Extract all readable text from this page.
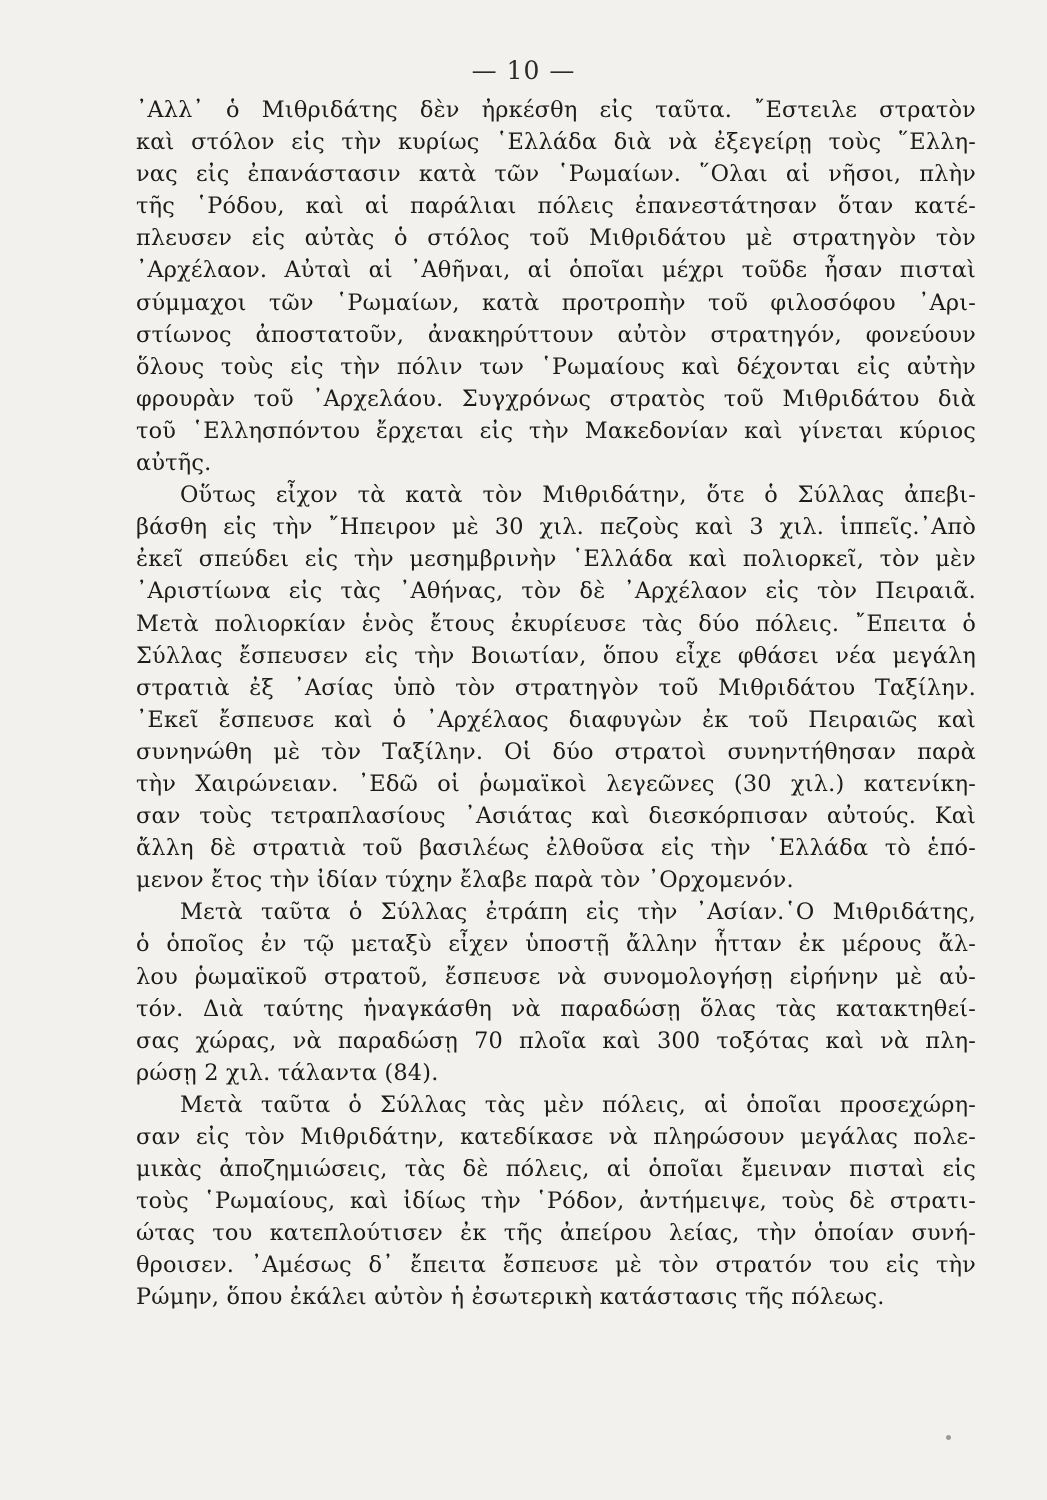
— 10 —
᾿Αλλ᾿ ὁ Μιθριδάτης δὲν ἠρκέσθη εἰς ταῦτα. ῎Εστειλε στρατὸν
καὶ στόλον εἰς τὴν κυρίως ῾Ελλάδα διὰ νὰ ἐξεγείρῃ τοὺς ῞Ελλη-
νας εἰς ἐπανάστασιν κατὰ τῶν ῾Ρωμαίων. ῞Ολαι αἱ νῆσοι, πλὴν
τῆς ῾Ρόδου, καὶ αἱ παράλιαι πόλεις ἐπανεστάτησαν ὅταν κατέ-
πλευσεν εἰς αὐτὰς ὁ στόλος τοῦ Μιθριδάτου μὲ στρατηγὸν τὸν
᾿Αρχέλαον. Αὐταὶ αἱ ᾿Αθῆναι, αἱ ὁποῖαι μέχρι τοῦδε ἦσαν πισταὶ
σύμμαχοι τῶν ῾Ρωμαίων, κατὰ προτροπὴν τοῦ φιλοσόφου ᾿Αρι-
στίωνος ἀποστατοῦν, ἀνακηρύττουν αὐτὸν στρατηγόν, φονεύουν
ὅλους τοὺς εἰς τὴν πόλιν των ῾Ρωμαίους καὶ δέχονται εἰς αὐτὴν
φρουρὰν τοῦ ᾿Αρχελάου. Συγχρόνως στρατὸς τοῦ Μιθριδάτου διὰ
τοῦ ῾Ελλησπόντου ἔρχεται εἰς τὴν Μακεδονίαν καὶ γίνεται κύριος
αὐτῆς.
Οὕτως εἶχον τὰ κατὰ τὸν Μιθριδάτην, ὅτε ὁ Σύλλας ἀπεβι-
βάσθη εἰς τὴν ῎Ηπειρον μὲ 30 χιλ. πεζοὺς καὶ 3 χιλ. ἱππεῖς.᾿Απὸ
ἐκεῖ σπεύδει εἰς τὴν μεσημβρινὴν ῾Ελλάδα καὶ πολιορκεῖ, τὸν μὲν
᾿Αριστίωνα εἰς τὰς ᾿Αθήνας, τὸν δὲ ᾿Αρχέλαον εἰς τὸν Πειραιᾶ.
Μετὰ πολιορκίαν ἑνὸς ἔτους ἐκυρίευσε τὰς δύο πόλεις. ῎Επειτα ὁ
Σύλλας ἔσπευσεν εἰς τὴν Βοιωτίαν, ὅπου εἶχε φθάσει νέα μεγάλη
στρατιὰ ἐξ ᾿Ασίας ὑπὸ τὸν στρατηγὸν τοῦ Μιθριδάτου Ταξίλην.
᾿Εκεῖ ἔσπευσε καὶ ὁ ᾿Αρχέλαος διαφυγὼν ἐκ τοῦ Πειραιῶς καὶ
συνηνώθη μὲ τὸν Ταξίλην. Οἱ δύο στρατοὶ συνηντήθησαν παρὰ
τὴν Χαιρώνειαν. ᾿Εδῶ οἱ ῥωμαϊκοὶ λεγεῶνες (30 χιλ.) κατενίκη-
σαν τοὺς τετραπλασίους ᾿Ασιάτας καὶ διεσκόρπισαν αὐτούς. Καὶ
ἄλλη δὲ στρατιὰ τοῦ βασιλέως ἐλθοῦσα εἰς τὴν ῾Ελλάδα τὸ ἑπό-
μενον ἔτος τὴν ἰδίαν τύχην ἔλαβε παρὰ τὸν ᾿Ορχομενόν.
Μετὰ ταῦτα ὁ Σύλλας ἐτράπη εἰς τὴν ᾿Ασίαν.῾Ο Μιθριδάτης,
ὁ ὁποῖος ἐν τῷ μεταξὺ εἶχεν ὑποστῇ ἄλλην ἧτταν ἐκ μέρους ἄλ-
λου ῥωμαϊκοῦ στρατοῦ, ἔσπευσε νὰ συνομολογήσῃ εἰρήνην μὲ αὐ-
τόν. Διὰ ταύτης ἠναγκάσθη νὰ παραδώσῃ ὅλας τὰς κατακτηθεί-
σας χώρας, νὰ παραδώσῃ 70 πλοῖα καὶ 300 τοξότας καὶ νὰ πλη-
ρώσῃ 2 χιλ. τάλαντα (84).
Μετὰ ταῦτα ὁ Σύλλας τὰς μὲν πόλεις, αἱ ὁποῖαι προσεχώρη-
σαν εἰς τὸν Μιθριδάτην, κατεδίκασε νὰ πληρώσουν μεγάλας πολε-
μικὰς ἀποζημιώσεις, τὰς δὲ πόλεις, αἱ ὁποῖαι ἔμειναν πισταὶ εἰς
τοὺς ῾Ρωμαίους, καὶ ἰδίως τὴν ῾Ρόδον, ἀντήμειψε, τοὺς δὲ στρατι-
ώτας του κατεπλούτισεν ἐκ τῆς ἀπείρου λείας, τὴν ὁποίαν συνή-
θροισεν. ᾿Αμέσως δ᾿ ἔπειτα ἔσπευσε μὲ τὸν στρατόν του εἰς τὴν
Ρώμην, ὅπου ἐκάλει αὐτὸν ἡ ἐσωτερικὴ κατάστασις τῆς πόλεως.
